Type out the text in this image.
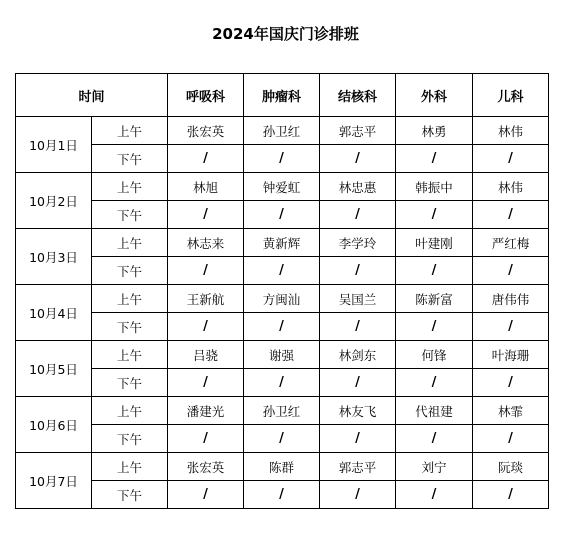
2024年国庆门诊排班
时间		呼吸科	肿瘤科	结核科	外科	儿科
10月1日	上午	张宏英	孙卫红	郭志平	林勇	林伟
	下午	/	/	/	/	/
10月2日	上午	林旭	钟爱虹	林忠惠	韩振中	林伟
	下午	/	/	/	/	/
10月3日	上午	林志来	黄新辉	李学玲	叶建刚	严红梅
	下午	/	/	/	/	/
10月4日	上午	王新航	方闽汕	吴国兰	陈新富	唐伟伟
	下午	/	/	/	/	/
10月5日	上午	吕骁	谢强	林剑东	何锋	叶海珊
	下午	/	/	/	/	/
10月6日	上午	潘建光	孙卫红	林友飞	代祖建	林霏
	下午	/	/	/	/	/
10月7日	上午	张宏英	陈群	郭志平	刘宁	阮琰
	下午	/	/	/	/	/
